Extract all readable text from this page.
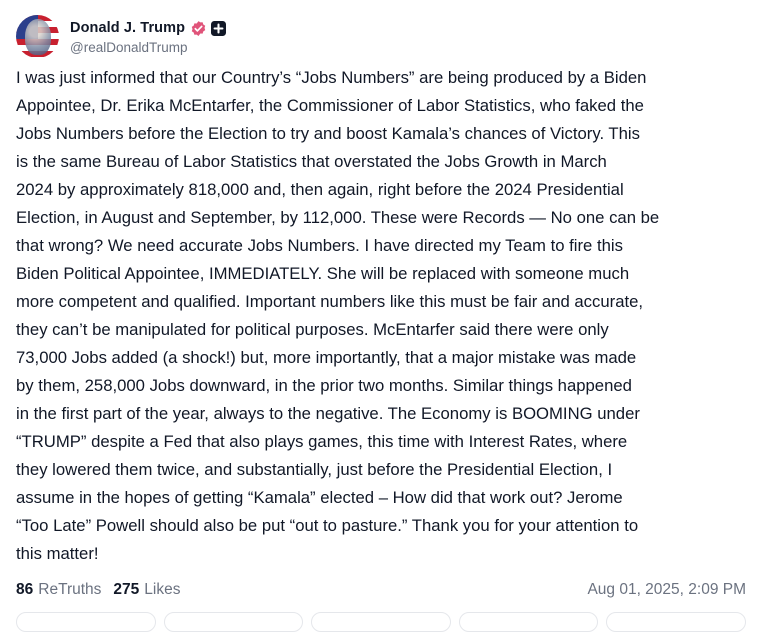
Donald J. Trump
@realDonaldTrump

I was just informed that our Country’s “Jobs Numbers” are being produced by a Biden
Appointee, Dr. Erika McEntarfer, the Commissioner of Labor Statistics, who faked the
Jobs Numbers before the Election to try and boost Kamala’s chances of Victory. This
is the same Bureau of Labor Statistics that overstated the Jobs Growth in March
2024 by approximately 818,000 and, then again, right before the 2024 Presidential
Election, in August and September, by 112,000. These were Records — No one can be
that wrong? We need accurate Jobs Numbers. I have directed my Team to fire this
Biden Political Appointee, IMMEDIATELY. She will be replaced with someone much
more competent and qualified. Important numbers like this must be fair and accurate,
they can’t be manipulated for political purposes. McEntarfer said there were only
73,000 Jobs added (a shock!) but, more importantly, that a major mistake was made
by them, 258,000 Jobs downward, in the prior two months. Similar things happened
in the first part of the year, always to the negative. The Economy is BOOMING under
“TRUMP” despite a Fed that also plays games, this time with Interest Rates, where
they lowered them twice, and substantially, just before the Presidential Election, I
assume in the hopes of getting “Kamala” elected – How did that work out? Jerome
“Too Late” Powell should also be put “out to pasture.” Thank you for your attention to
this matter!

86 ReTruths 275 Likes	Aug 01, 2025, 2:09 PM
